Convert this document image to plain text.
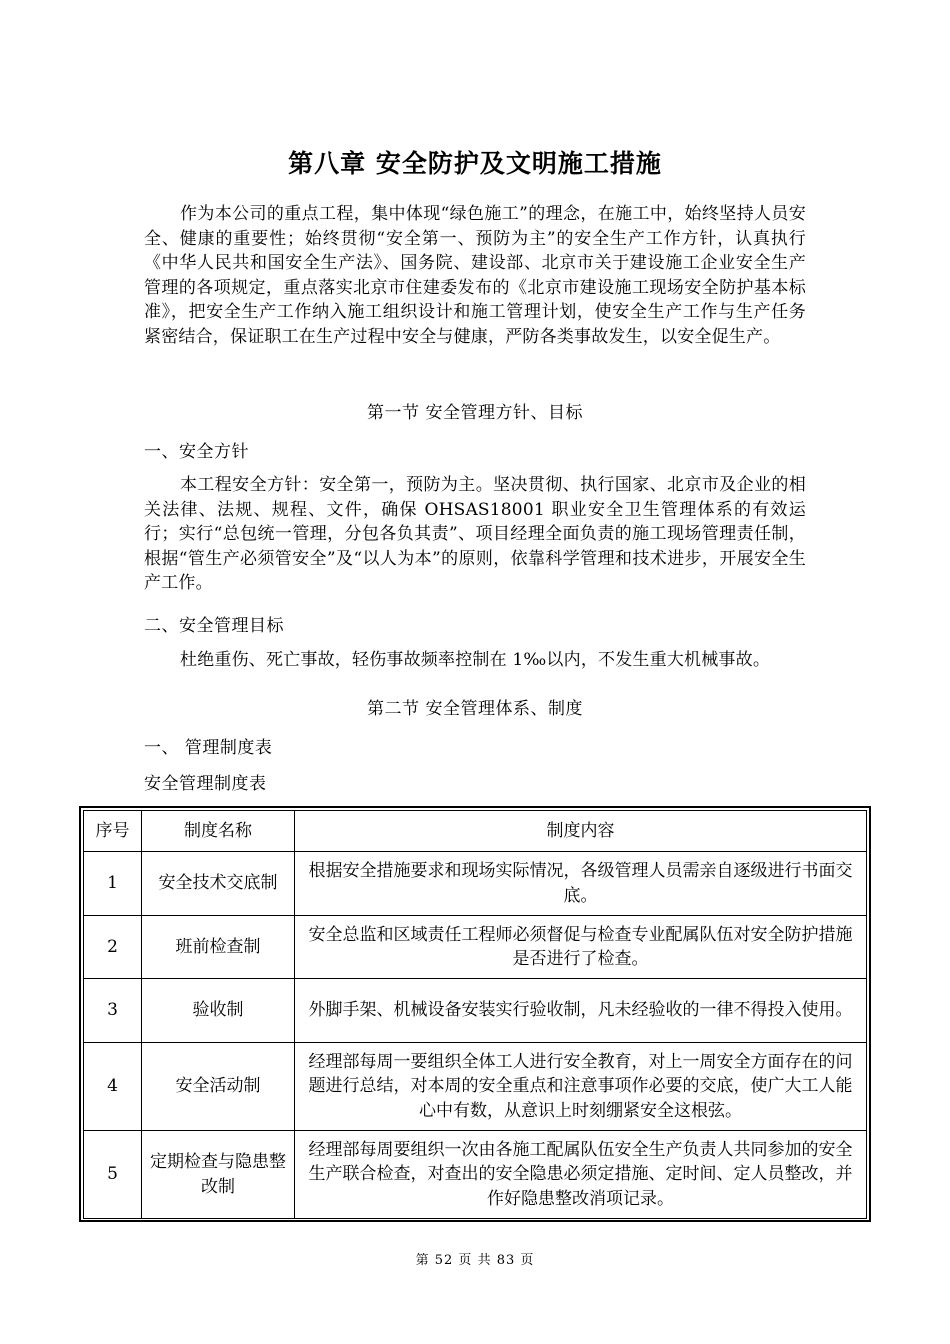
第八章 安全防护及文明施工措施
作为本公司的重点工程，集中体现“绿色施工”的理念，在施工中，始终坚持人员安全、健康的重要性；始终贯彻“安全第一、预防为主”的安全生产工作方针，认真执行《中华人民共和国安全生产法》、国务院、建设部、北京市关于建设施工企业安全生产管理的各项规定，重点落实北京市住建委发布的《北京市建设施工现场安全防护基本标准》，把安全生产工作纳入施工组织设计和施工管理计划，使安全生产工作与生产任务紧密结合，保证职工在生产过程中安全与健康，严防各类事故发生，以安全促生产。
第一节 安全管理方针、目标
一、安全方针
本工程安全方针：安全第一，预防为主。坚决贯彻、执行国家、北京市及企业的相关法律、法规、规程、文件，确保 OHSAS18001 职业安全卫生管理体系的有效运行；实行“总包统一管理，分包各负其责”、项目经理全面负责的施工现场管理责任制，根据“管生产必须管安全”及“以人为本”的原则，依靠科学管理和技术进步，开展安全生产工作。
二、安全管理目标
杜绝重伤、死亡事故，轻伤事故频率控制在 1‰以内，不发生重大机械事故。
第二节 安全管理体系、制度
一、 管理制度表
安全管理制度表
序号	制度名称	制度内容
1	安全技术交底制	根据安全措施要求和现场实际情况，各级管理人员需亲自逐级进行书面交底。
2	班前检查制	安全总监和区域责任工程师必须督促与检查专业配属队伍对安全防护措施是否进行了检查。
3	验收制	外脚手架、机械设备安装实行验收制，凡未经验收的一律不得投入使用。
4	安全活动制	经理部每周一要组织全体工人进行安全教育，对上一周安全方面存在的问题进行总结，对本周的安全重点和注意事项作必要的交底，使广大工人能心中有数，从意识上时刻绷紧安全这根弦。
5	定期检查与隐患整改制	经理部每周要组织一次由各施工配属队伍安全生产负责人共同参加的安全生产联合检查，对查出的安全隐患必须定措施、定时间、定人员整改，并作好隐患整改消项记录。
第 52 页 共 83 页
